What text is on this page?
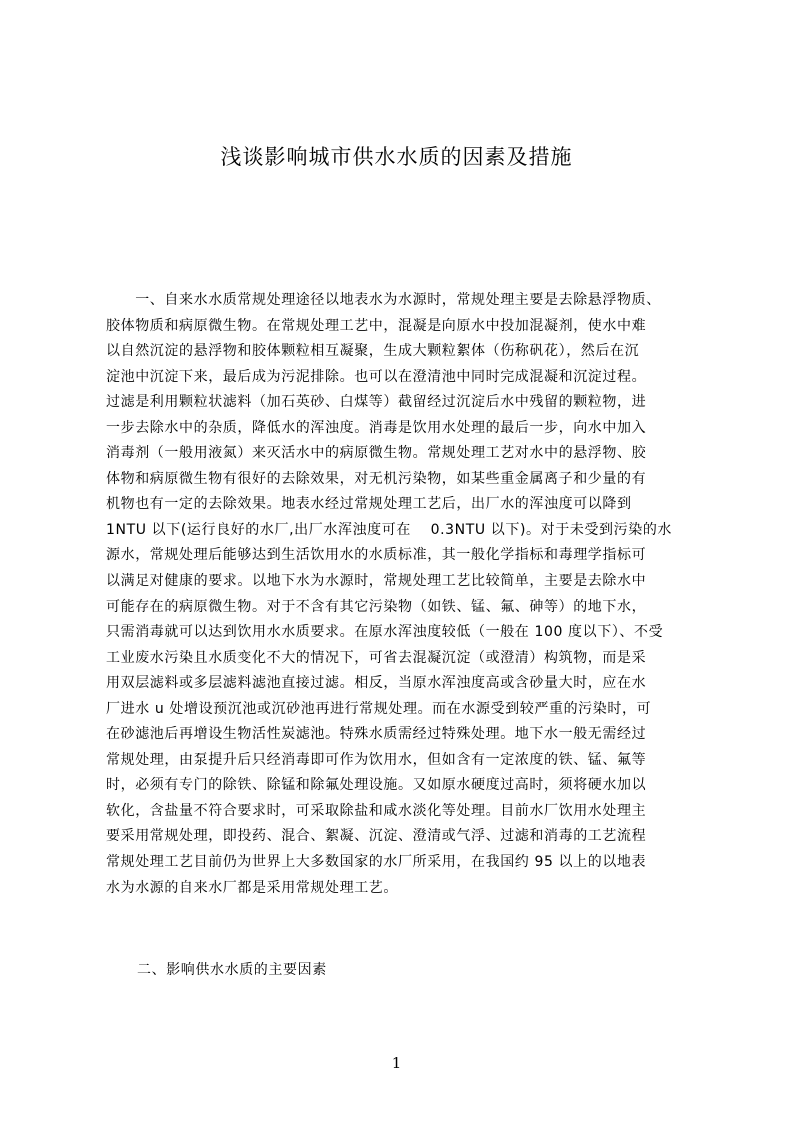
浅谈影响城市供水水质的因素及措施
　　一、自来水水质常规处理途径以地表水为水源时，常规处理主要是去除悬浮物质、
胶体物质和病原微生物。在常规处理工艺中，混凝是向原水中投加混凝剂，使水中难
以自然沉淀的悬浮物和胶体颗粒相互凝聚，生成大颗粒絮体（伤称矾花），然后在沉
淀池中沉淀下来，最后成为污泥排除。也可以在澄清池中同时完成混凝和沉淀过程。
过滤是利用颗粒状滤料（加石英砂、白煤等）截留经过沉淀后水中残留的颗粒物，进
一步去除水中的杂质，降低水的浑浊度。消毒是饮用水处理的最后一步，向水中加入
消毒剂（一般用液氮）来灭活水中的病原微生物。常规处理工艺对水中的悬浮物、胶
体物和病原微生物有很好的去除效果，对无机污染物，如某些重金属离子和少量的有
机物也有一定的去除效果。地表水经过常规处理工艺后，出厂水的浑浊度可以降到
1NTU 以下(运行良好的水厂,出厂水浑浊度可在　 0.3NTU 以下)。对于未受到污染的水
源水，常规处理后能够达到生活饮用水的水质标准，其一般化学指标和毒理学指标可
以满足对健康的要求。以地下水为水源时，常规处理工艺比较简单，主要是去除水中
可能存在的病原微生物。对于不含有其它污染物（如铁、锰、氟、砷等）的地下水，
只需消毒就可以达到饮用水水质要求。在原水浑浊度较低（一般在 100 度以下）、不受
工业废水污染且水质变化不大的情况下，可省去混凝沉淀（或澄清）构筑物，而是采
用双层滤料或多层滤料滤池直接过滤。相反，当原水浑浊度高或含砂量大时，应在水
厂进水 u 处增设预沉池或沉砂池再进行常规处理。而在水源受到较严重的污染时，可
在砂滤池后再增设生物活性炭滤池。特殊水质需经过特殊处理。地下水一般无需经过
常规处理，由泵提升后只经消毒即可作为饮用水，但如含有一定浓度的铁、锰、氟等
时，必须有专门的除铁、除锰和除氟处理设施。又如原水硬度过高时，须将硬水加以
软化，含盐量不符合要求时，可采取除盐和咸水淡化等处理。目前水厂饮用水处理主
要采用常规处理，即投药、混合、絮凝、沉淀、澄清或气浮、过滤和消毒的工艺流程
常规处理工艺目前仍为世界上大多数国家的水厂所采用，在我国约 95 以上的以地表
水为水源的自来水厂都是采用常规处理工艺。
二、影响供水水质的主要因素
1
